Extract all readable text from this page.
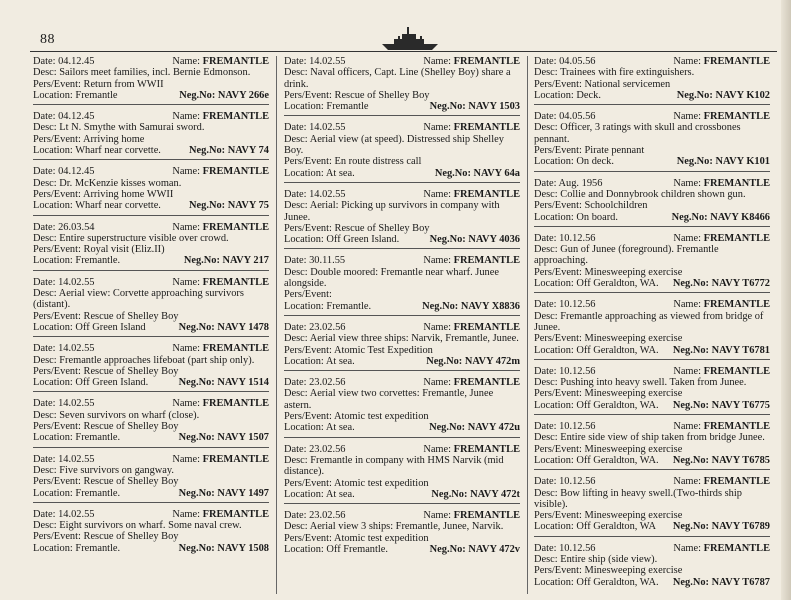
88
Date: 04.12.45	Name: FREMANTLE
Desc: Sailors meet families, incl. Bernie Edmonson.
Pers/Event: Return from WWII
Location: Fremantle	Neg.No: NAVY 266e
Date: 04.12.45	Name: FREMANTLE
Desc: Lt N. Smythe with Samurai sword.
Pers/Event: Arriving home
Location: Wharf near corvette.	Neg.No: NAVY 74
Date: 04.12.45	Name: FREMANTLE
Desc: Dr. McKenzie kisses woman.
Pers/Event: Arriving home WWII
Location: Wharf near corvette.	Neg.No: NAVY 75
Date: 26.03.54	Name: FREMANTLE
Desc: Entire superstructure visible over crowd.
Pers/Event: Royal visit (Eliz.II)
Location: Fremantle.	Neg.No: NAVY 217
Date: 14.02.55	Name: FREMANTLE
Desc: Aerial view: Corvette approaching survivors (distant).
Pers/Event: Rescue of Shelley Boy
Location: Off Green Island	Neg.No: NAVY 1478
Date: 14.02.55	Name: FREMANTLE
Desc: Fremantle approaches lifeboat (part ship only).
Pers/Event: Rescue of Shelley Boy
Location: Off Green Island.	Neg.No: NAVY 1514
Date: 14.02.55	Name: FREMANTLE
Desc: Seven survivors on wharf (close).
Pers/Event: Rescue of Shelley Boy
Location: Fremantle.	Neg.No: NAVY 1507
Date: 14.02.55	Name: FREMANTLE
Desc: Five survivors on gangway.
Pers/Event: Rescue of Shelley Boy
Location: Fremantle.	Neg.No: NAVY 1497
Date: 14.02.55	Name: FREMANTLE
Desc: Eight survivors on wharf. Some naval crew.
Pers/Event: Rescue of Shelley Boy
Location: Fremantle.	Neg.No: NAVY 1508
Date: 14.02.55	Name: FREMANTLE
Desc: Naval officers, Capt. Line (Shelley Boy) share a drink.
Pers/Event: Rescue of Shelley Boy
Location: Fremantle	Neg.No: NAVY 1503
Date: 14.02.55	Name: FREMANTLE
Desc: Aerial view (at speed). Distressed ship Shelley Boy.
Pers/Event: En route distress call
Location: At sea.	Neg.No: NAVY 64a
Date: 14.02.55	Name: FREMANTLE
Desc: Aerial: Picking up survivors in company with Junee.
Pers/Event: Rescue of Shelley Boy
Location: Off Green Island.	Neg.No: NAVY 4036
Date: 30.11.55	Name: FREMANTLE
Desc: Double moored: Fremantle near wharf. Junee alongside.
Pers/Event:
Location: Fremantle.	Neg.No: NAVY X8836
Date: 23.02.56	Name: FREMANTLE
Desc: Aerial view three ships: Narvik, Fremantle, Junee.
Pers/Event: Atomic Test Expedition
Location: At sea.	Neg.No: NAVY 472m
Date: 23.02.56	Name: FREMANTLE
Desc: Aerial view two corvettes: Fremantle, Junee astern.
Pers/Event: Atomic test expedition
Location: At sea.	Neg.No: NAVY 472u
Date: 23.02.56	Name: FREMANTLE
Desc: Fremantle in company with HMS Narvik (mid distance).
Pers/Event: Atomic test expedition
Location: At sea.	Neg.No: NAVY 472t
Date: 23.02.56	Name: FREMANTLE
Desc: Aerial view 3 ships: Fremantle, Junee, Narvik.
Pers/Event: Atomic test expedition
Location: Off Fremantle.	Neg.No: NAVY 472v
Date: 04.05.56	Name: FREMANTLE
Desc: Trainees with fire extinguishers.
Pers/Event: National servicemen
Location: Deck.	Neg.No: NAVY K102
Date: 04.05.56	Name: FREMANTLE
Desc: Officer, 3 ratings with skull and crossbones pennant.
Pers/Event: Pirate pennant
Location: On deck.	Neg.No: NAVY K101
Date: Aug. 1956	Name: FREMANTLE
Desc: Collie and Donnybrook children shown gun.
Pers/Event: Schoolchildren
Location: On board.	Neg.No: NAVY K8466
Date: 10.12.56	Name: FREMANTLE
Desc: Gun of Junee (foreground). Fremantle approaching.
Pers/Event: Minesweeping exercise
Location: Off Geraldton, WA. Neg.No: NAVY T6772
Date: 10.12.56	Name: FREMANTLE
Desc: Fremantle approaching as viewed from bridge of Junee.
Pers/Event: Minesweeping exercise
Location: Off Geraldton, WA. Neg.No: NAVY T6781
Date: 10.12.56	Name: FREMANTLE
Desc: Pushing into heavy swell. Taken from Junee.
Pers/Event: Minesweeping exercise
Location: Off Geraldton, WA. Neg.No: NAVY T6775
Date: 10.12.56	Name: FREMANTLE
Desc: Entire side view of ship taken from bridge Junee.
Pers/Event: Minesweeping exercise
Location: Off Geraldton, WA. Neg.No: NAVY T6785
Date: 10.12.56	Name: FREMANTLE
Desc: Bow lifting in heavy swell.(Two-thirds ship visible).
Pers/Event: Minesweeping exercise
Location: Off Geraldton, WA Neg.No: NAVY T6789
Date: 10.12.56	Name: FREMANTLE
Desc: Entire ship (side view).
Pers/Event: Minesweeping exercise
Location: Off Geraldton, WA. Neg.No: NAVY T6787
